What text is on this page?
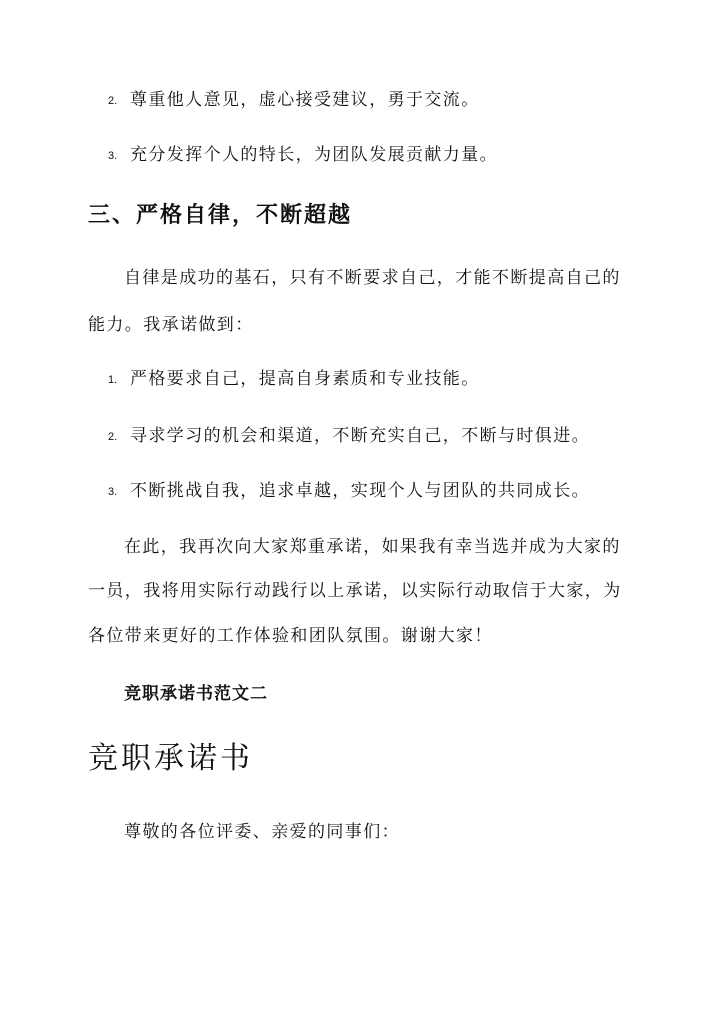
2. 尊重他人意见，虚心接受建议，勇于交流。
3. 充分发挥个人的特长，为团队发展贡献力量。
三、严格自律，不断超越
自律是成功的基石，只有不断要求自己，才能不断提高自己的
能力。我承诺做到：
1. 严格要求自己，提高自身素质和专业技能。
2. 寻求学习的机会和渠道，不断充实自己，不断与时俱进。
3. 不断挑战自我，追求卓越，实现个人与团队的共同成长。
在此，我再次向大家郑重承诺，如果我有幸当选并成为大家的
一员，我将用实际行动践行以上承诺，以实际行动取信于大家，为
各位带来更好的工作体验和团队氛围。谢谢大家！
竞职承诺书范文二
竞职承诺书
尊敬的各位评委、亲爱的同事们：
